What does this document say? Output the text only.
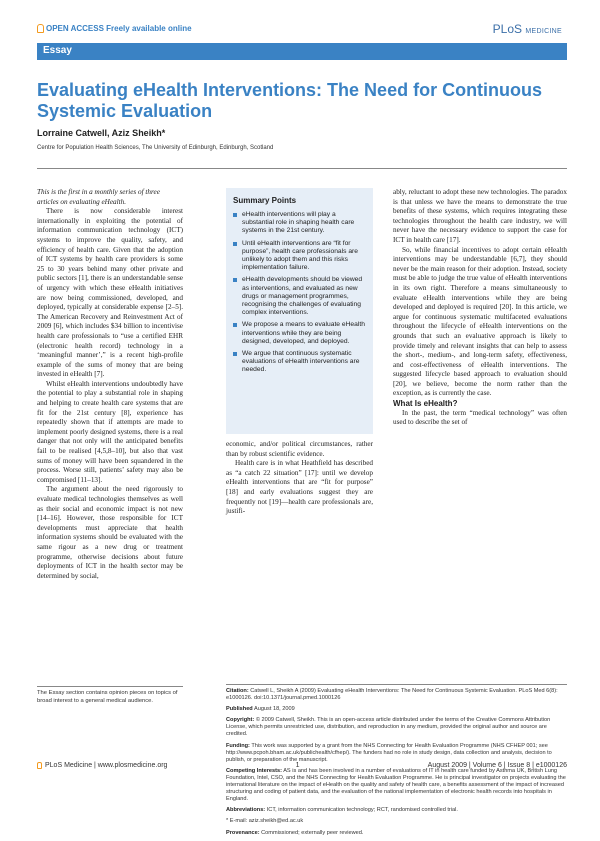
OPEN ACCESS Freely available online	PLoS MEDICINE
Essay
Evaluating eHealth Interventions: The Need for Continuous Systemic Evaluation
Lorraine Catwell, Aziz Sheikh*
Centre for Population Health Sciences, The University of Edinburgh, Edinburgh, Scotland

This is the first in a monthly series of three articles on evaluating eHealth.

There is now considerable interest internationally in exploiting the potential of information communication technology (ICT) systems to improve the quality, safety, and efficiency of health care. Given that the adoption of ICT systems by health care providers is some 25 to 30 years behind many other private and public sectors [1], there is an understandable sense of urgency with which these eHealth initiatives are now being commissioned, developed, and deployed, typically at considerable expense [2–5]. The American Recovery and Reinvestment Act of 2009 [6], which includes $34 billion to incentivise health care professionals to “use a certified EHR (electronic health record) technology in a ‘meaningful manner’,” is a recent high-profile example of the sums of money that are being invested in eHealth [7].

Whilst eHealth interventions undoubtedly have the potential to play a substantial role in shaping and helping to create health care systems that are fit for the 21st century [8], experience has repeatedly shown that if attempts are made to implement poorly designed systems, there is a real danger that not only will the anticipated benefits fail to be realised [4,5,8–10], but also that vast sums of money will have been squandered in the process. Worse still, patients’ safety may also be compromised [11–13].

The argument about the need rigorously to evaluate medical technologies themselves as well as their social and economic impact is not new [14–16]. However, those responsible for ICT developments must appreciate that health information systems should be evaluated with the same rigour as a new drug or treatment programme, otherwise decisions about future deployments of ICT in the health sector may be determined by social,

Summary Points
eHealth interventions will play a substantial role in shaping health care systems in the 21st century.
Until eHealth interventions are “fit for purpose”, health care professionals are unlikely to adopt them and this risks implementation failure.
eHealth developments should be viewed as interventions, and evaluated as new drugs or management programmes, recognising the challenges of evaluating complex interventions.
We propose a means to evaluate eHealth interventions while they are being designed, developed, and deployed.
We argue that continuous systematic evaluations of eHealth interventions are needed.

economic, and/or political circumstances, rather than by robust scientific evidence.

Health care is in what Heathfield has described as “a catch 22 situation” [17]: until we develop eHealth interventions that are “fit for purpose” [18] and early evaluations suggest they are frequently not [19]—health care professionals are, justifi-

ably, reluctant to adopt these new technologies. The paradox is that unless we have the means to demonstrate the true benefits of these systems, which requires integrating these technologies throughout the health care industry, we will never have the necessary evidence to support the case for ICT in health care [17].

So, while financial incentives to adopt certain eHealth interventions may be understandable [6,7], they should never be the main reason for their adoption. Instead, society must be able to judge the true value of eHealth interventions in its own right. Therefore a means simultaneously to evaluate eHealth interventions while they are being developed and deployed is required [20]. In this article, we argue for continuous systematic multifaceted evaluations throughout the lifecycle of eHealth interventions on the grounds that such an evaluative approach is likely to provide timely and relevant insights that can help to assess the short-, medium-, and long-term safety, effectiveness, and cost-effectiveness of eHealth interventions. The suggested lifecycle based approach to evaluation should [20], we believe, become the norm rather than the exception, as is currently the case.

What Is eHealth?

In the past, the term “medical technology” was often used to describe the set of

The Essay section contains opinion pieces on topics of broad interest to a general medical audience.
Citation: Catwell L, Sheikh A (2009) Evaluating eHealth Interventions: The Need for Continuous Systemic Evaluation. PLoS Med 6(8): e1000126. doi:10.1371/journal.pmed.1000126
Published August 18, 2009
Copyright: © 2009 Catwell, Sheikh. This is an open-access article distributed under the terms of the Creative Commons Attribution License, which permits unrestricted use, distribution, and reproduction in any medium, provided the original author and source are credited.
Funding: This work was supported by a grant from the NHS Connecting for Health Evaluation Programme (NHS CFHEP 001; see http://www.pcpoh.bham.ac.uk/publichealth/cfhep/). The funders had no role in study design, data collection and analysis, decision to publish, or preparation of the manuscript.
Competing Interests: AS is and has been involved in a number of evaluations of IT in health care funded by Asthma UK, British Lung Foundation, Intel, CSO, and the NHS Connecting for Health Evaluation Programme. He is principal investigator on projects evaluating the international literature on the impact of eHealth on the quality and safety of health care, a benefits assessment of the impact of increased structuring and coding of patient data, and the evaluation of the national implementation of electronic health records into hospitals in England.
Abbreviations: ICT, information communication technology; RCT, randomised controlled trial.
* E-mail: aziz.sheikh@ed.ac.uk
Provenance: Commissioned; externally peer reviewed.
PLoS Medicine | www.plosmedicine.org	1	August 2009 | Volume 6 | Issue 8 | e1000126
